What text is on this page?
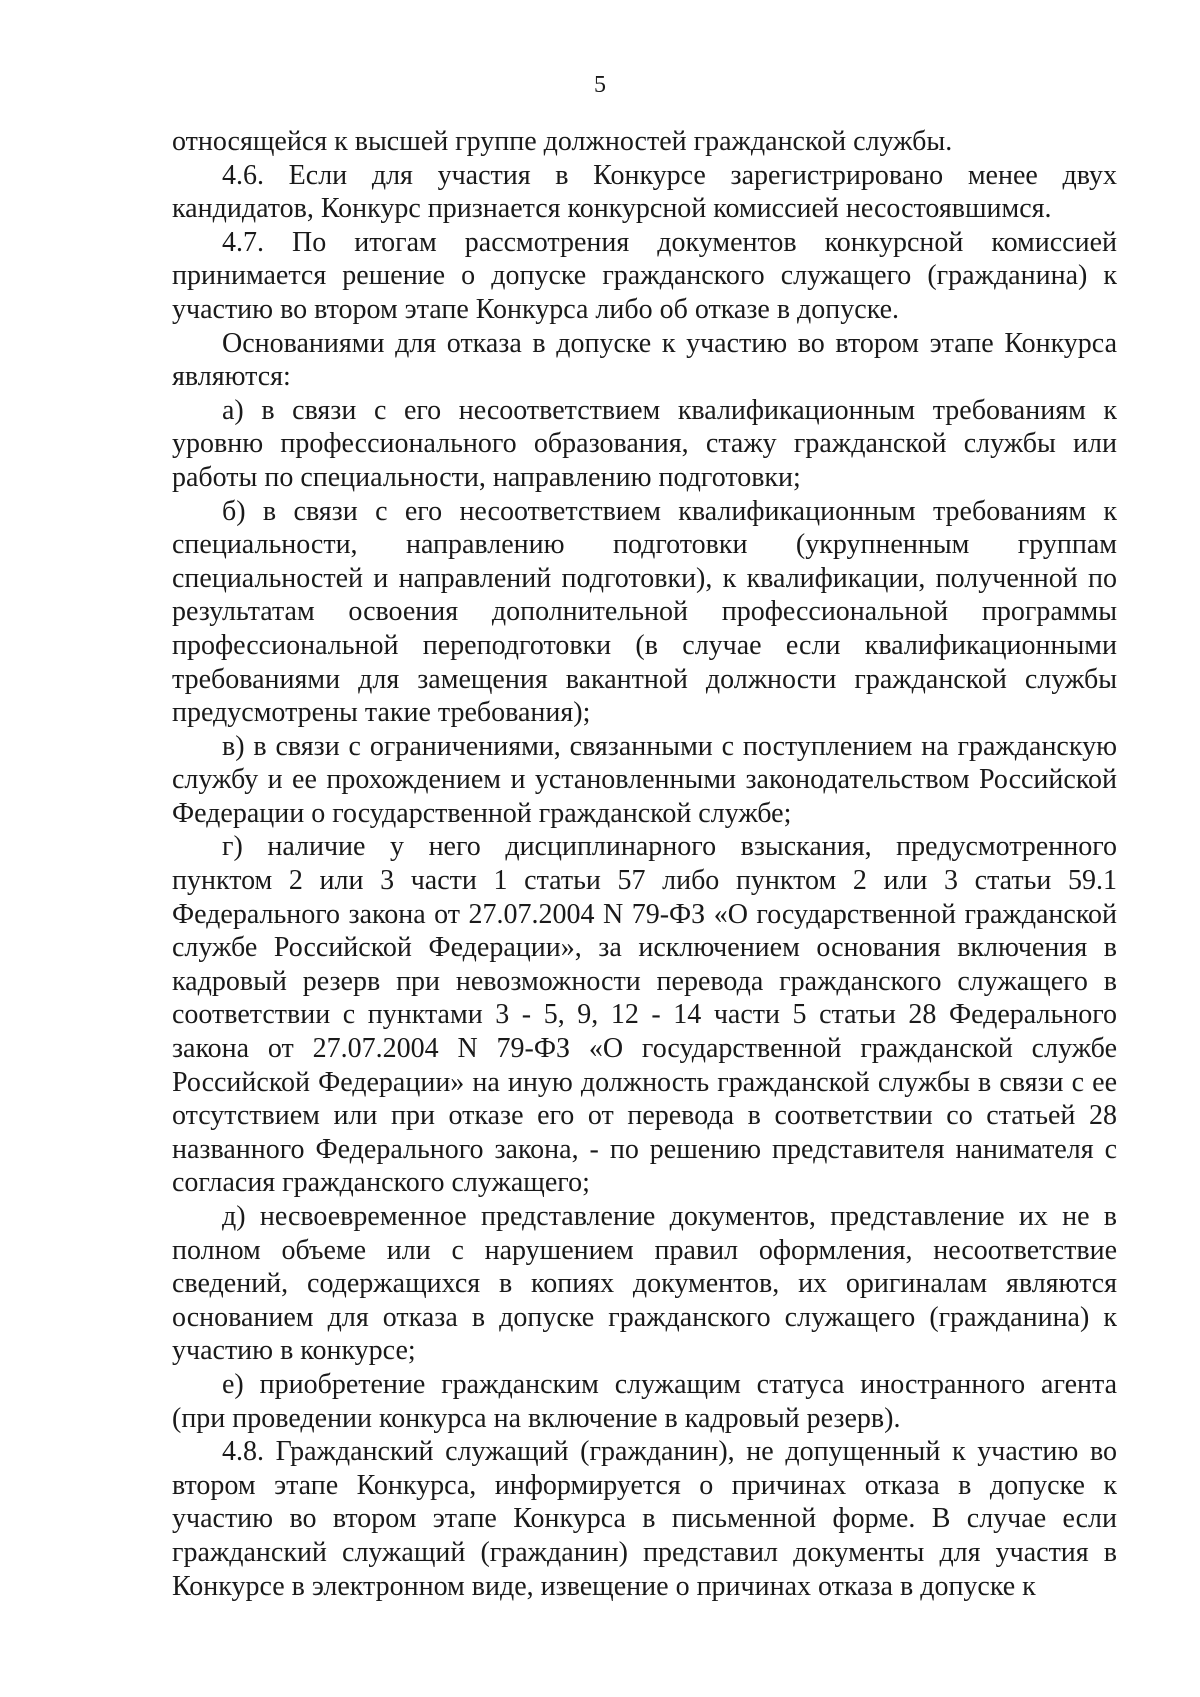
5

относящейся к высшей группе должностей гражданской службы.

4.6. Если для участия в Конкурсе зарегистрировано менее двух кандидатов, Конкурс признается конкурсной комиссией несостоявшимся.

4.7. По итогам рассмотрения документов конкурсной комиссией принимается решение о допуске гражданского служащего (гражданина) к участию во втором этапе Конкурса либо об отказе в допуске.

Основаниями для отказа в допуске к участию во втором этапе Конкурса являются:

а) в связи с его несоответствием квалификационным требованиям к уровню профессионального образования, стажу гражданской службы или работы по специальности, направлению подготовки;

б) в связи с его несоответствием квалификационным требованиям к специальности, направлению подготовки (укрупненным группам специальностей и направлений подготовки), к квалификации, полученной по результатам освоения дополнительной профессиональной программы профессиональной переподготовки (в случае если квалификационными требованиями для замещения вакантной должности гражданской службы предусмотрены такие требования);

в) в связи с ограничениями, связанными с поступлением на гражданскую службу и ее прохождением и установленными законодательством Российской Федерации о государственной гражданской службе;

г) наличие у него дисциплинарного взыскания, предусмотренного пунктом 2 или 3 части 1 статьи 57 либо пунктом 2 или 3 статьи 59.1 Федерального закона от 27.07.2004 N 79-ФЗ «О государственной гражданской службе Российской Федерации», за исключением основания включения в кадровый резерв при невозможности перевода гражданского служащего в соответствии с пунктами 3 - 5, 9, 12 - 14 части 5 статьи 28 Федерального закона от 27.07.2004 N 79-ФЗ «О государственной гражданской службе Российской Федерации» на иную должность гражданской службы в связи с ее отсутствием или при отказе его от перевода в соответствии со статьей 28 названного Федерального закона, - по решению представителя нанимателя с согласия гражданского служащего;

д) несвоевременное представление документов, представление их не в полном объеме или с нарушением правил оформления, несоответствие сведений, содержащихся в копиях документов, их оригиналам являются основанием для отказа в допуске гражданского служащего (гражданина) к участию в конкурсе;

е) приобретение гражданским служащим статуса иностранного агента (при проведении конкурса на включение в кадровый резерв).

4.8. Гражданский служащий (гражданин), не допущенный к участию во втором этапе Конкурса, информируется о причинах отказа в допуске к участию во втором этапе Конкурса в письменной форме. В случае если гражданский служащий (гражданин) представил документы для участия в Конкурсе в электронном виде, извещение о причинах отказа в допуске к
